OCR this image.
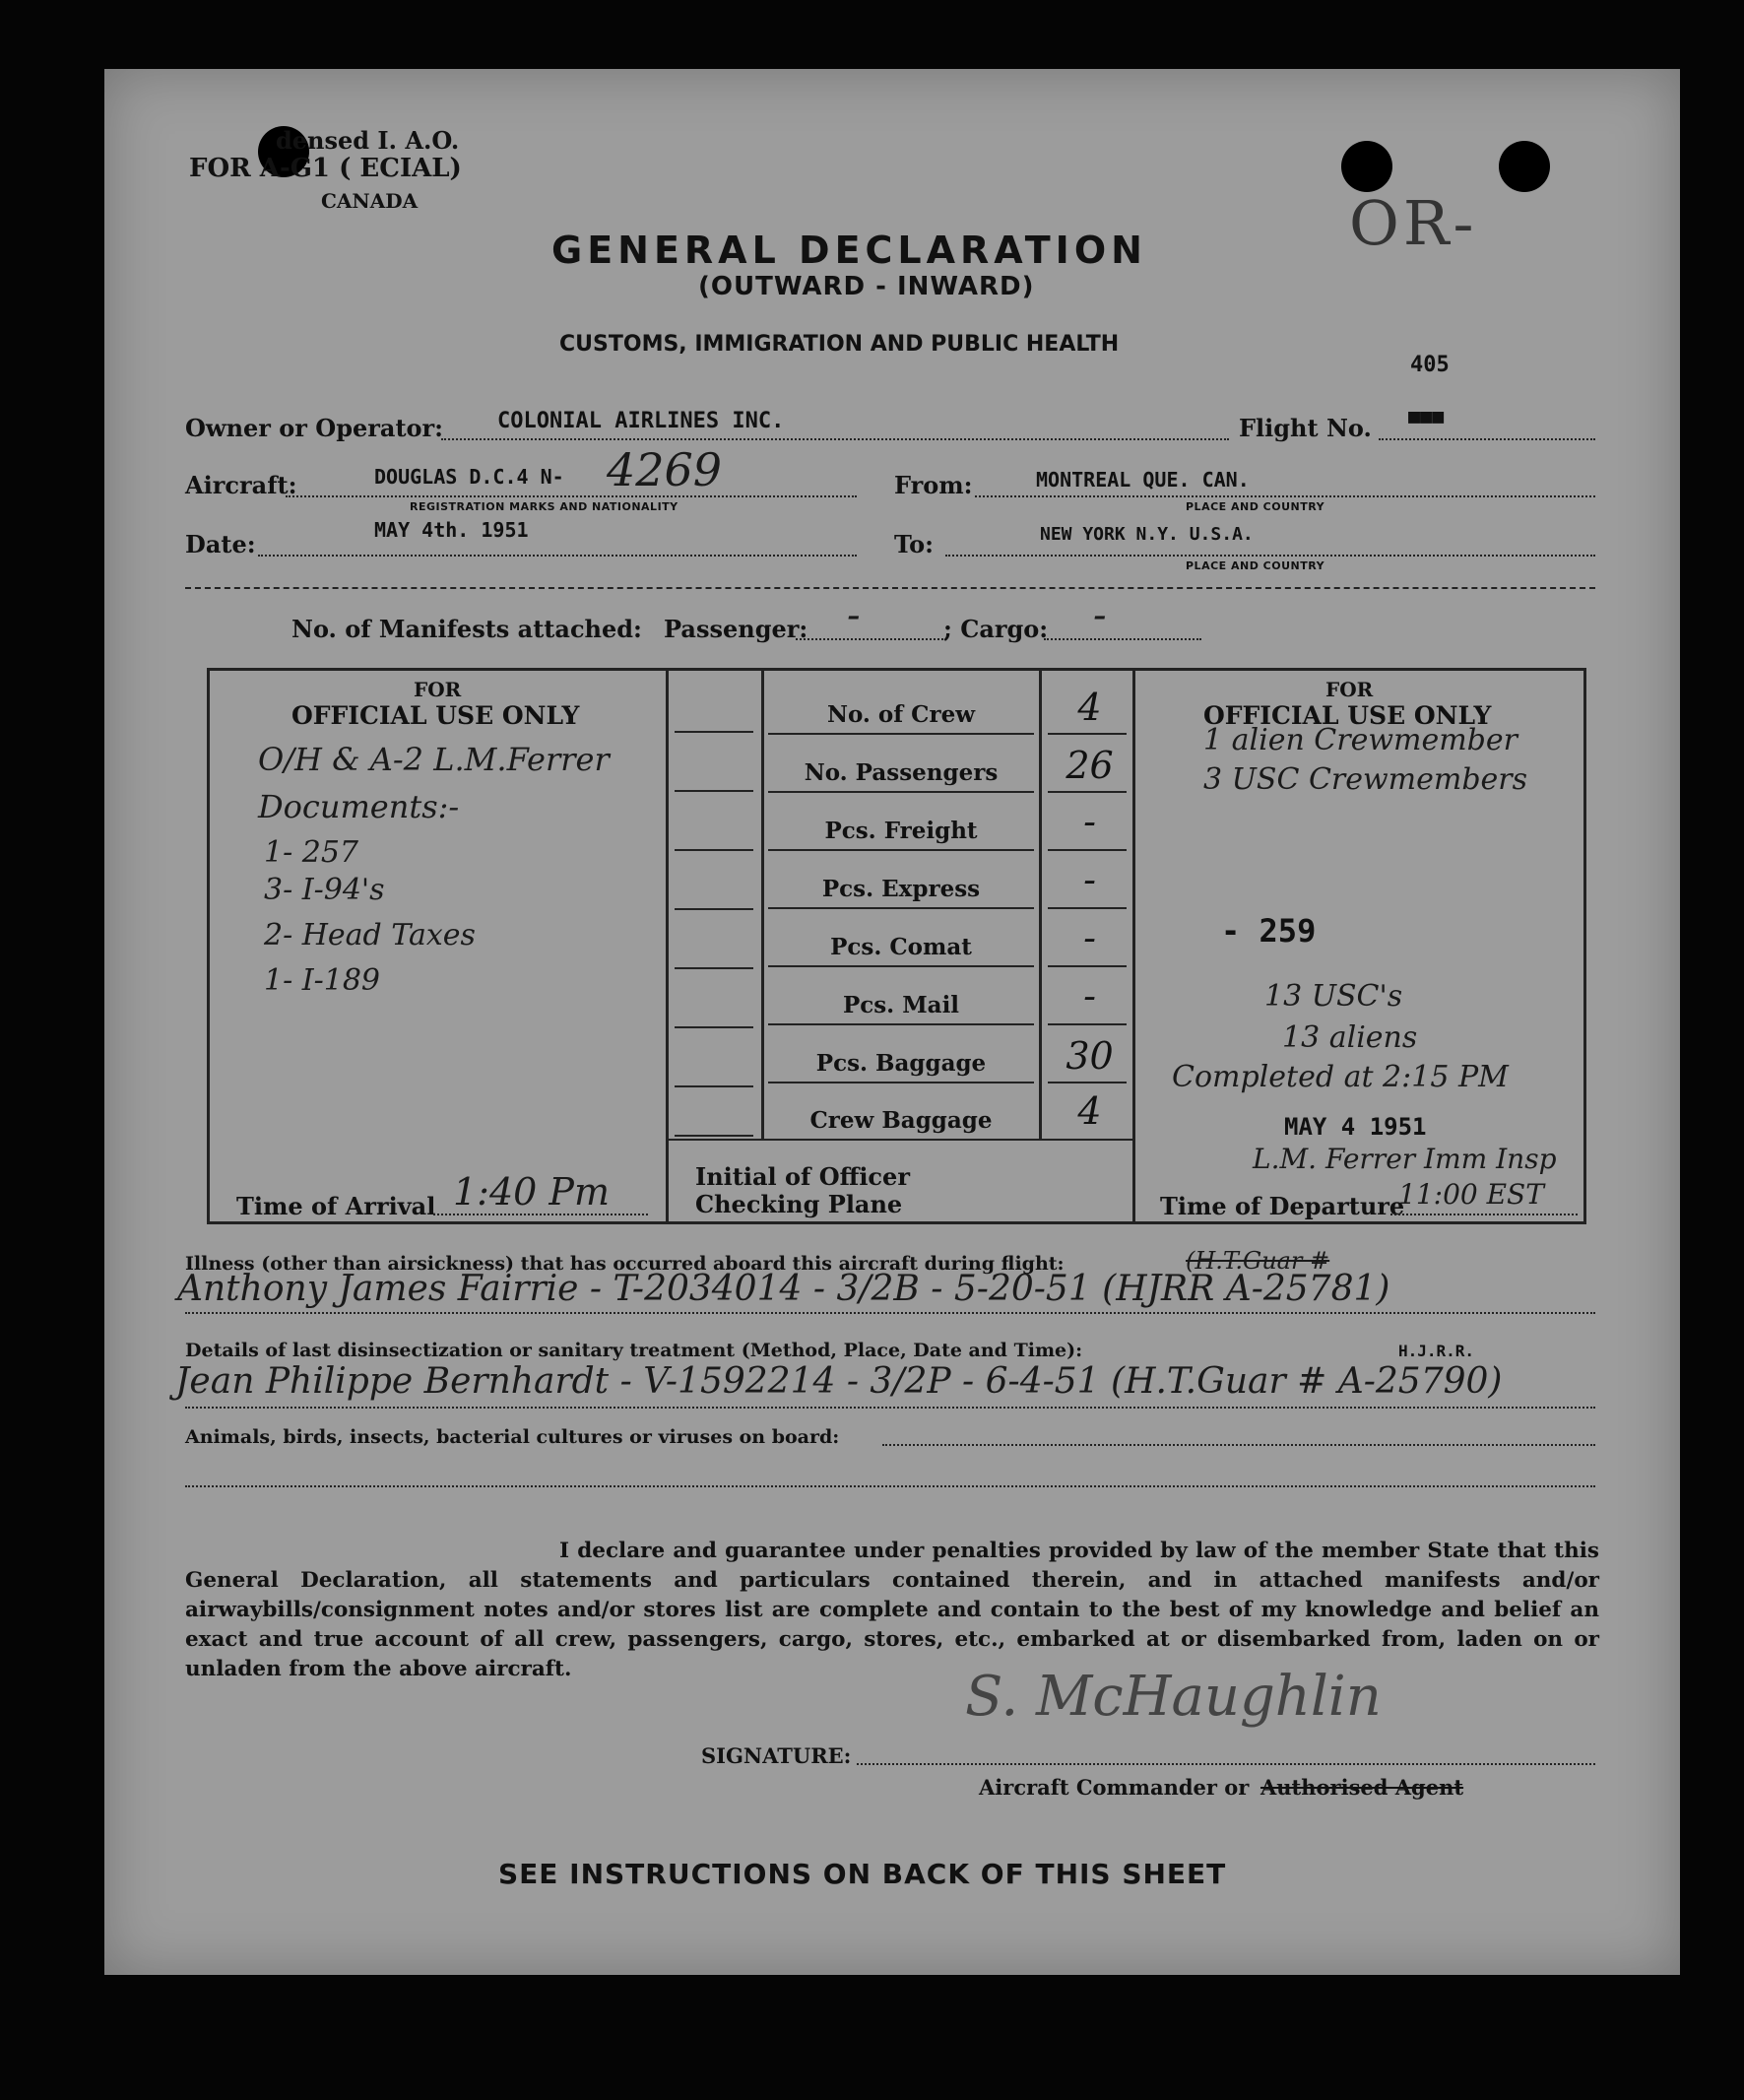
densed I. A.O.
FOR A-G1 ( ECIAL)
CANADA	OR-
GENERAL DECLARATION
(OUTWARD - INWARD)
CUSTOMS, IMMIGRATION AND PUBLIC HEALTH
405
Owner or Operator: COLONIAL AIRLINES INC.	Flight No. ■■■
Aircraft:	DOUGLAS D.C.4 N- 4269
REGISTRATION MARKS AND NATIONALITY
From:	MONTREAL QUE. CAN.
PLACE AND COUNTRY
Date:	MAY 4th. 1951	To:	NEW YORK N.Y. U.S.A.
PLACE AND COUNTRY
No. of Manifests attached: Passenger: -	; Cargo: -
FOR
OFFICIAL USE ONLY
O/H & A-2 L.M.Ferrer
Documents:-
1- 257
3- I-94's
2- Head Taxes
1- I-189
Time of Arrival 1:40 Pm
No. of Crew	4
No. Passengers	26
Pcs. Freight	-
Pcs. Express	-
Pcs. Comat	-
Pcs. Mail	-
Pcs. Baggage	30
Crew Baggage	4
Initial of Officer
Checking Plane
FOR
OFFICIAL USE ONLY
1 alien Crewmember
3 USC Crewmembers
- 259
13 USC's
13 aliens
Completed at 2:15 PM
MAY 4 1951
L.M. Ferrer Imm Insp
Time of Departure
11:00 EST
Illness (other than airsickness) that has occurred aboard this aircraft during flight:	(H.T.Guar #
Anthony James Fairrie - T-2034014 - 3/2B - 5-20-51 (HJRR A-25781)
Details of last disinsectization or sanitary treatment (Method, Place, Date and Time):	H.J.R.R.
Jean Philippe Bernhardt - V-1592214 - 3/2P - 6-4-51 (H.T.Guar # A-25790)
Animals, birds, insects, bacterial cultures or viruses on board:
I declare and guarantee under penalties provided by law of the member State that this General Declaration, all statements and particulars contained therein, and in attached manifests and/or airwaybills/consignment notes and/or stores list are complete and contain to the best of my knowledge and belief an exact and true account of all crew, passengers, cargo, stores, etc., embarked at or disembarked from, laden on or unladen from the above aircraft.	S. McHaughlin
SIGNATURE:
Aircraft Commander or Authorised Agent
SEE INSTRUCTIONS ON BACK OF THIS SHEET
